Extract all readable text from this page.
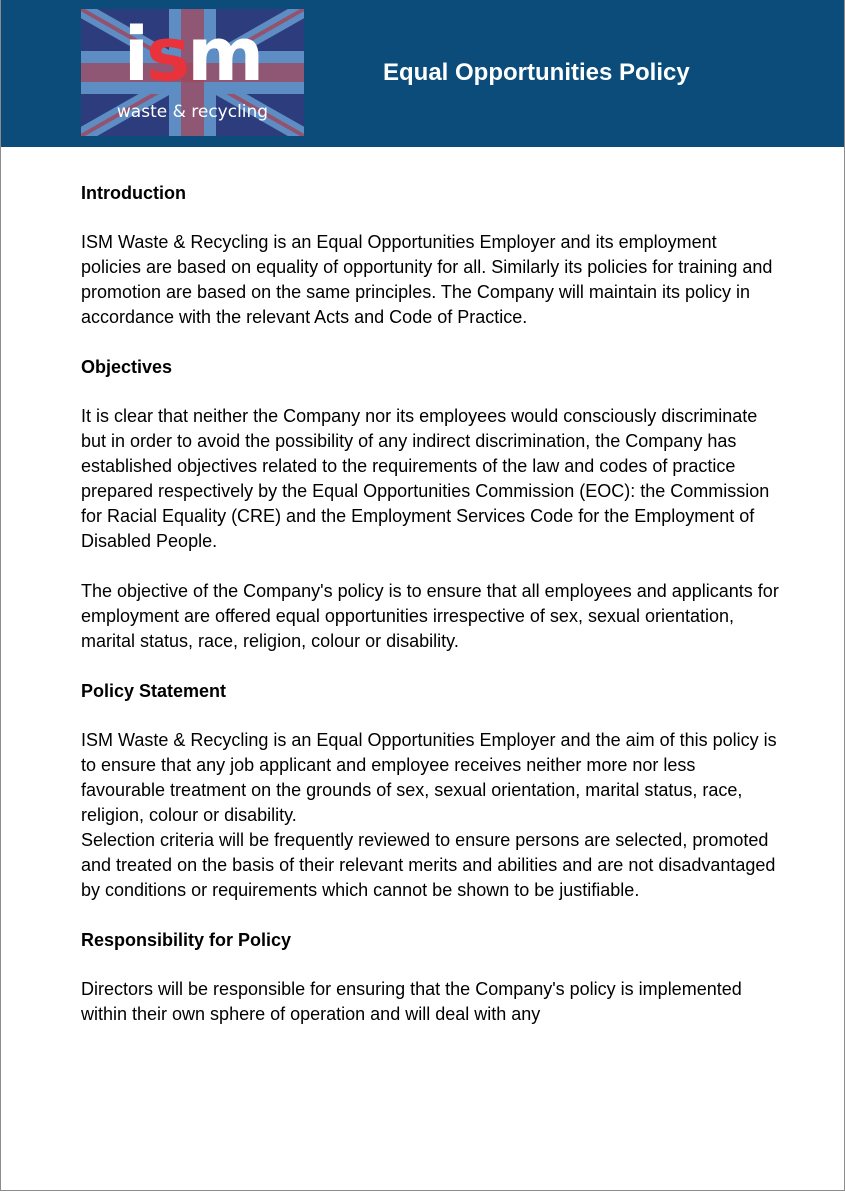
ism
waste & recycling
Equal Opportunities Policy
Introduction

ISM Waste & Recycling is an Equal Opportunities Employer and its employment policies are based on equality of opportunity for all. Similarly its policies for training and promotion are based on the same principles. The Company will maintain its policy in accordance with the relevant Acts and Code of Practice.

Objectives

It is clear that neither the Company nor its employees would consciously discriminate but in order to avoid the possibility of any indirect discrimination, the Company has established objectives related to the requirements of the law and codes of practice prepared respectively by the Equal Opportunities Commission (EOC): the Commission for Racial Equality (CRE) and the Employment Services Code for the Employment of Disabled People.

The objective of the Company's policy is to ensure that all employees and applicants for employment are offered equal opportunities irrespective of sex, sexual orientation, marital status, race, religion, colour or disability.

Policy Statement

ISM Waste & Recycling is an Equal Opportunities Employer and the aim of this policy is to ensure that any job applicant and employee receives neither more nor less favourable treatment on the grounds of sex, sexual orientation, marital status, race, religion, colour or disability.

Selection criteria will be frequently reviewed to ensure persons are selected, promoted and treated on the basis of their relevant merits and abilities and are not disadvantaged by conditions or requirements which cannot be shown to be justifiable.

Responsibility for Policy

Directors will be responsible for ensuring that the Company's policy is implemented within their own sphere of operation and will deal with any
